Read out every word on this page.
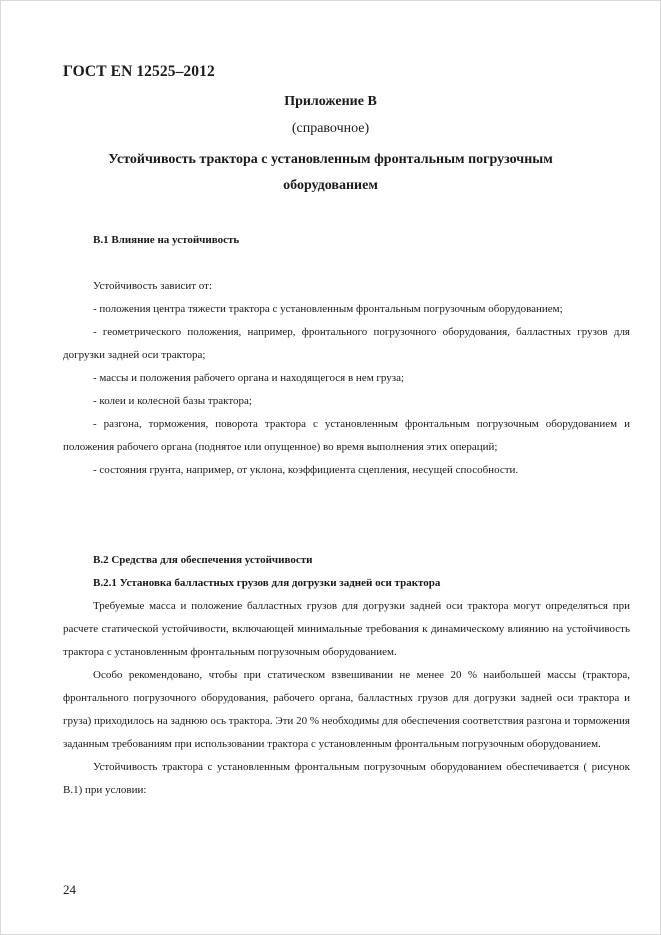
ГОСТ EN 12525–2012
Приложение В
(справочное)
Устойчивость трактора с установленным фронтальным погрузочным
оборудованием

В.1 Влияние на устойчивость

Устойчивость зависит от:

- положения центра тяжести трактора с установленным фронтальным погрузочным оборудованием;

- геометрического положения, например, фронтального погрузочного оборудования, балластных грузов для догрузки задней оси трактора;

- массы и положения рабочего органа и находящегося в нем груза;

- колеи и колесной базы трактора;

- разгона, торможения, поворота трактора с установленным фронтальным погрузочным оборудованием и положения рабочего органа (поднятое или опущенное) во время выполнения этих операций;

- состояния грунта, например, от уклона, коэффициента сцепления, несущей способности.

В.2 Средства для обеспечения устойчивости

В.2.1 Установка балластных грузов для догрузки задней оси трактора

Требуемые масса и положение балластных грузов для догрузки задней оси трактора могут определяться при расчете статической устойчивости, включающей минимальные требования к динамическому влиянию на устойчивость трактора с установленным фронтальным погрузочным оборудованием.

Особо рекомендовано, чтобы при статическом взвешивании не менее 20 % наибольшей массы (трактора, фронтального погрузочного оборудования, рабочего органа, балластных грузов для догрузки задней оси трактора и груза) приходилось на заднюю ось трактора. Эти 20 % необходимы для обеспечения соответствия разгона и торможения заданным требованиям при использовании трактора с установленным фронтальным погрузочным оборудованием.

Устойчивость трактора с установленным фронтальным погрузочным оборудованием обеспечивается ( рисунок В.1) при условии:

24
